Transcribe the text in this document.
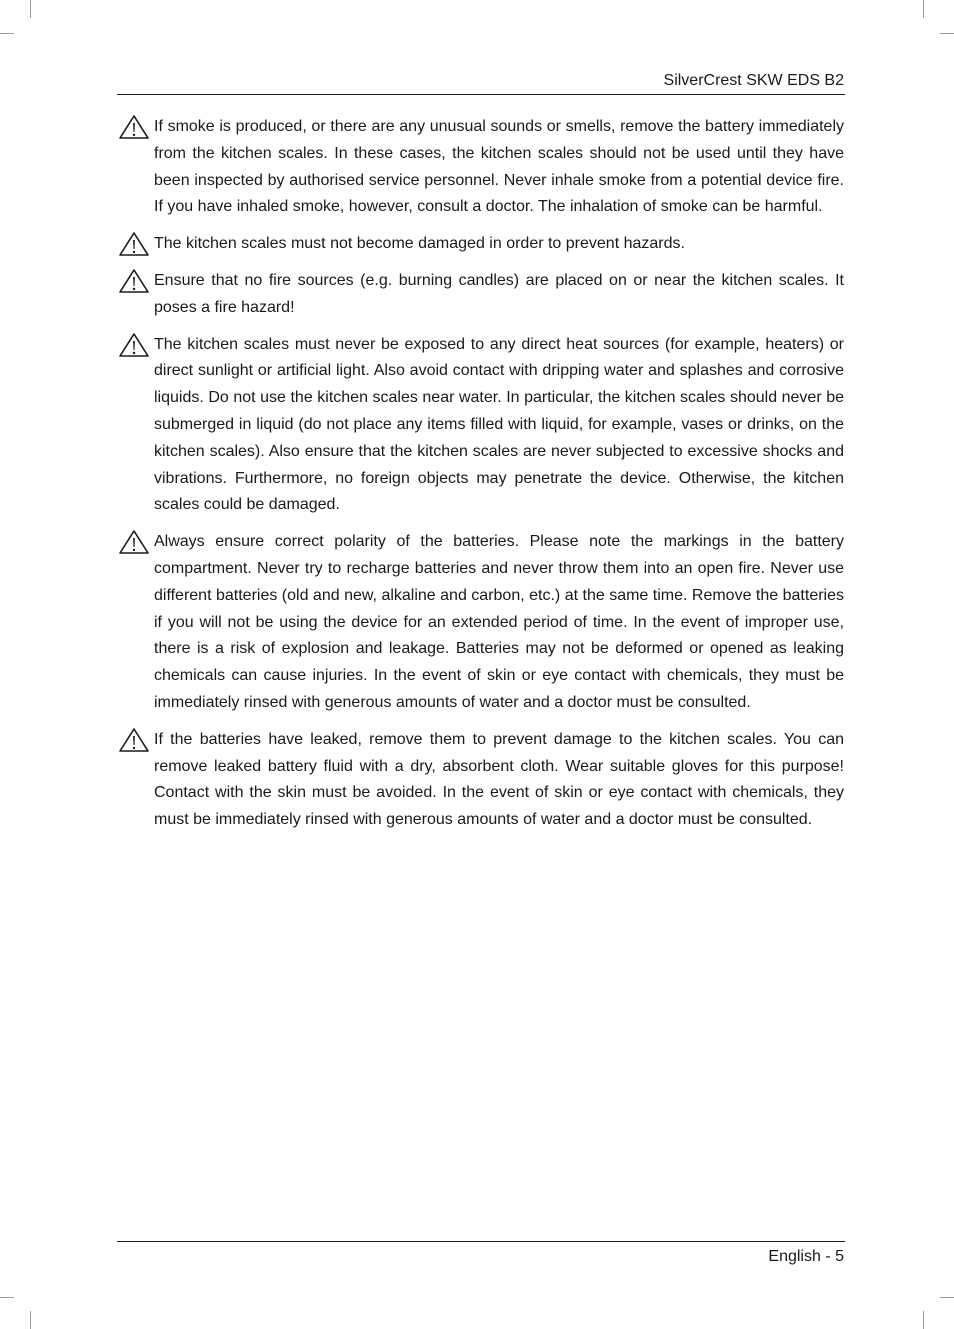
SilverCrest SKW EDS B2

If smoke is produced, or there are any unusual sounds or smells, remove the battery immediately from the kitchen scales. In these cases, the kitchen scales should not be used until they have been inspected by authorised service personnel. Never inhale smoke from a potential device fire. If you have inhaled smoke, however, consult a doctor. The inhalation of smoke can be harmful.

The kitchen scales must not become damaged in order to prevent hazards.

Ensure that no fire sources (e.g. burning candles) are placed on or near the kitchen scales. It poses a fire hazard!

The kitchen scales must never be exposed to any direct heat sources (for example, heaters) or direct sunlight or artificial light. Also avoid contact with dripping water and splashes and corrosive liquids. Do not use the kitchen scales near water. In particular, the kitchen scales should never be submerged in liquid (do not place any items filled with liquid, for example, vases or drinks, on the kitchen scales). Also ensure that the kitchen scales are never subjected to excessive shocks and vibrations. Furthermore, no foreign objects may penetrate the device. Otherwise, the kitchen scales could be damaged.

Always ensure correct polarity of the batteries. Please note the markings in the battery compartment. Never try to recharge batteries and never throw them into an open fire. Never use different batteries (old and new, alkaline and carbon, etc.) at the same time. Remove the batteries if you will not be using the device for an extended period of time. In the event of improper use, there is a risk of explosion and leakage. Batteries may not be deformed or opened as leaking chemicals can cause injuries. In the event of skin or eye contact with chemicals, they must be immediately rinsed with generous amounts of water and a doctor must be consulted.

If the batteries have leaked, remove them to prevent damage to the kitchen scales. You can remove leaked battery fluid with a dry, absorbent cloth. Wear suitable gloves for this purpose! Contact with the skin must be avoided. In the event of skin or eye contact with chemicals, they must be immediately rinsed with generous amounts of water and a doctor must be consulted.

English - 5
